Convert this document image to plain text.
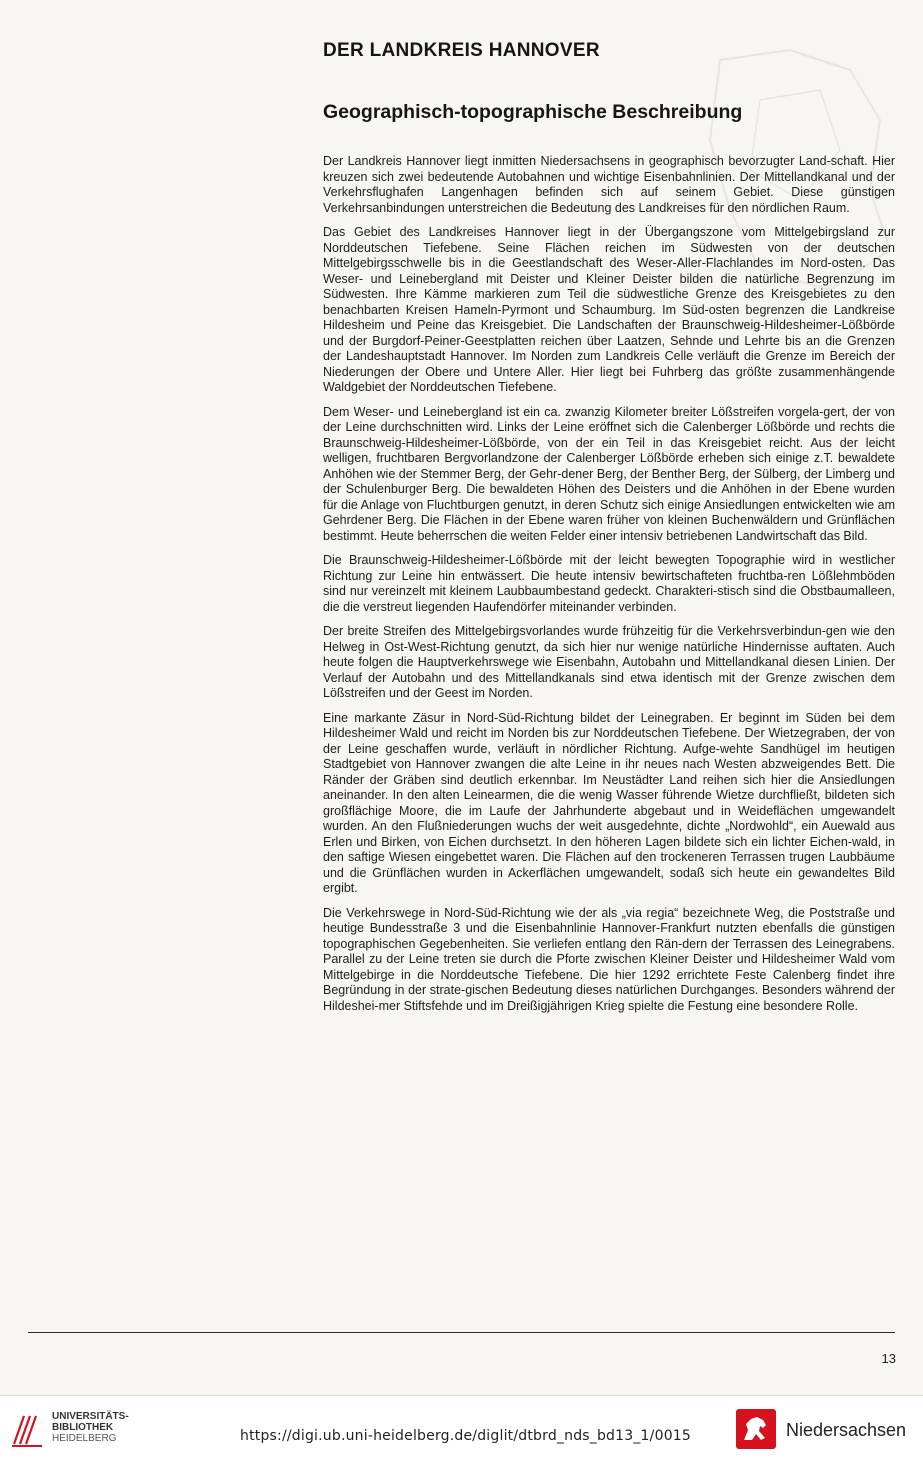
DER LANDKREIS HANNOVER
Geographisch-topographische Beschreibung

Der Landkreis Hannover liegt inmitten Niedersachsens in geographisch bevorzugter Land-schaft. Hier kreuzen sich zwei bedeutende Autobahnen und wichtige Eisenbahnlinien. Der Mittellandkanal und der Verkehrsflughafen Langenhagen befinden sich auf seinem Gebiet. Diese günstigen Verkehrsanbindungen unterstreichen die Bedeutung des Landkreises für den nördlichen Raum.

Das Gebiet des Landkreises Hannover liegt in der Übergangszone vom Mittelgebirgsland zur Norddeutschen Tiefebene. Seine Flächen reichen im Südwesten von der deutschen Mittelgebirgsschwelle bis in die Geestlandschaft des Weser-Aller-Flachlandes im Nord-osten. Das Weser- und Leinebergland mit Deister und Kleiner Deister bilden die natürliche Begrenzung im Südwesten. Ihre Kämme markieren zum Teil die südwestliche Grenze des Kreisgebietes zu den benachbarten Kreisen Hameln-Pyrmont und Schaumburg. Im Süd-osten begrenzen die Landkreise Hildesheim und Peine das Kreisgebiet. Die Landschaften der Braunschweig-Hildesheimer-Lößbörde und der Burgdorf-Peiner-Geestplatten reichen über Laatzen, Sehnde und Lehrte bis an die Grenzen der Landeshauptstadt Hannover. Im Norden zum Landkreis Celle verläuft die Grenze im Bereich der Niederungen der Obere und Untere Aller. Hier liegt bei Fuhrberg das größte zusammenhängende Waldgebiet der Norddeutschen Tiefebene.

Dem Weser- und Leinebergland ist ein ca. zwanzig Kilometer breiter Lößstreifen vorgela-gert, der von der Leine durchschnitten wird. Links der Leine eröffnet sich die Calenberger Lößbörde und rechts die Braunschweig-Hildesheimer-Lößbörde, von der ein Teil in das Kreisgebiet reicht. Aus der leicht welligen, fruchtbaren Bergvorlandzone der Calenberger Lößbörde erheben sich einige z.T. bewaldete Anhöhen wie der Stemmer Berg, der Gehr-dener Berg, der Benther Berg, der Sülberg, der Limberg und der Schulenburger Berg. Die bewaldeten Höhen des Deisters und die Anhöhen in der Ebene wurden für die Anlage von Fluchtburgen genutzt, in deren Schutz sich einige Ansiedlungen entwickelten wie am Gehrdener Berg. Die Flächen in der Ebene waren früher von kleinen Buchenwäldern und Grünflächen bestimmt. Heute beherrschen die weiten Felder einer intensiv betriebenen Landwirtschaft das Bild.

Die Braunschweig-Hildesheimer-Lößbörde mit der leicht bewegten Topographie wird in westlicher Richtung zur Leine hin entwässert. Die heute intensiv bewirtschafteten fruchtba-ren Lößlehmböden sind nur vereinzelt mit kleinem Laubbaumbestand gedeckt. Charakteri-stisch sind die Obstbaumalleen, die die verstreut liegenden Haufendörfer miteinander verbinden.

Der breite Streifen des Mittelgebirgsvorlandes wurde frühzeitig für die Verkehrsverbindun-gen wie den Helweg in Ost-West-Richtung genutzt, da sich hier nur wenige natürliche Hindernisse auftaten. Auch heute folgen die Hauptverkehrswege wie Eisenbahn, Autobahn und Mittellandkanal diesen Linien. Der Verlauf der Autobahn und des Mittellandkanals sind etwa identisch mit der Grenze zwischen dem Lößstreifen und der Geest im Norden.

Eine markante Zäsur in Nord-Süd-Richtung bildet der Leinegraben. Er beginnt im Süden bei dem Hildesheimer Wald und reicht im Norden bis zur Norddeutschen Tiefebene. Der Wietzegraben, der von der Leine geschaffen wurde, verläuft in nördlicher Richtung. Aufge-wehte Sandhügel im heutigen Stadtgebiet von Hannover zwangen die alte Leine in ihr neues nach Westen abzweigendes Bett. Die Ränder der Gräben sind deutlich erkennbar. Im Neustädter Land reihen sich hier die Ansiedlungen aneinander. In den alten Leinearmen, die die wenig Wasser führende Wietze durchfließt, bildeten sich großflächige Moore, die im Laufe der Jahrhunderte abgebaut und in Weideflächen umgewandelt wurden. An den Flußniederungen wuchs der weit ausgedehnte, dichte „Nordwohld“, ein Auewald aus Erlen und Birken, von Eichen durchsetzt. In den höheren Lagen bildete sich ein lichter Eichen-wald, in den saftige Wiesen eingebettet waren. Die Flächen auf den trockeneren Terrassen trugen Laubbäume und die Grünflächen wurden in Ackerflächen umgewandelt, sodaß sich heute ein gewandeltes Bild ergibt.

Die Verkehrswege in Nord-Süd-Richtung wie der als „via regia“ bezeichnete Weg, die Poststraße und heutige Bundesstraße 3 und die Eisenbahnlinie Hannover-Frankfurt nutzten ebenfalls die günstigen topographischen Gegebenheiten. Sie verliefen entlang den Rän-dern der Terrassen des Leinegrabens. Parallel zu der Leine treten sie durch die Pforte zwischen Kleiner Deister und Hildesheimer Wald vom Mittelgebirge in die Norddeutsche Tiefebene. Die hier 1292 errichtete Feste Calenberg findet ihre Begründung in der strate-gischen Bedeutung dieses natürlichen Durchganges. Besonders während der Hildeshei-mer Stiftsfehde und im Dreißigjährigen Krieg spielte die Festung eine besondere Rolle.

13
UNIVERSITÄTS-
BIBLIOTHEK
HEIDELBERG	https://digi.ub.uni-heidelberg.de/diglit/dtbrd_nds_bd13_1/0015	Niedersachsen
